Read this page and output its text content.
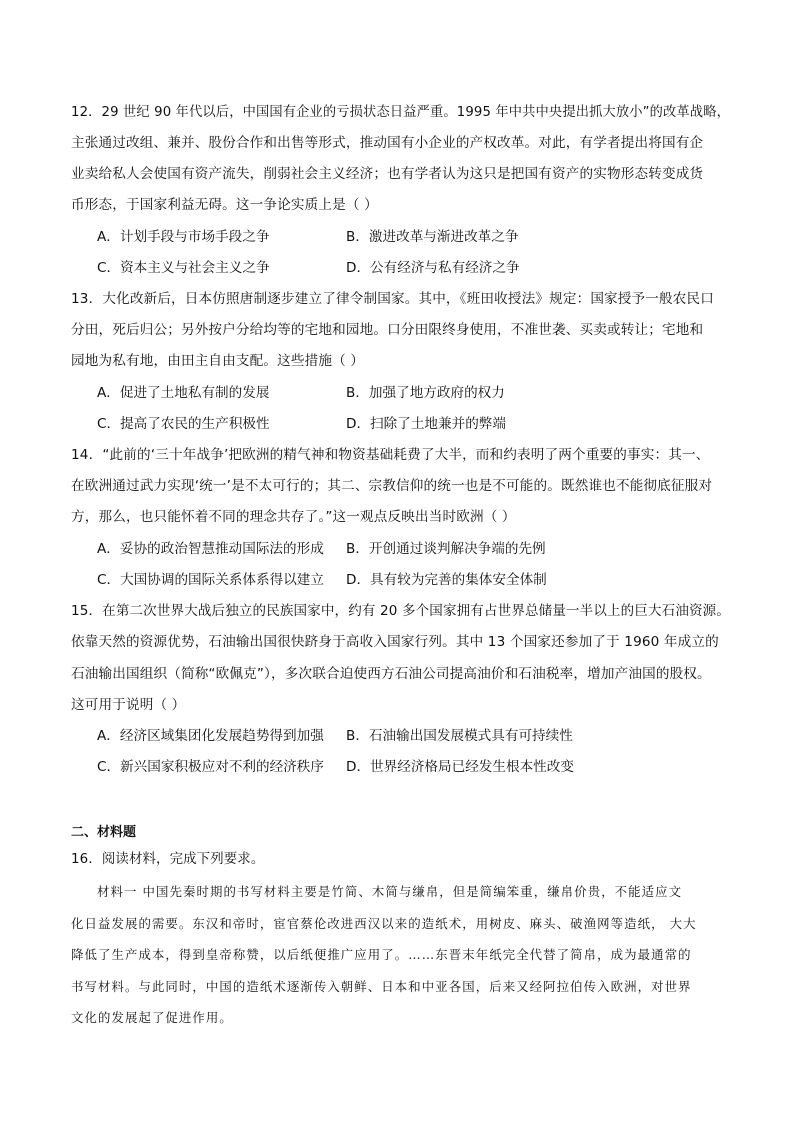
12．29 世纪 90 年代以后，中国国有企业的亏损状态日益严重。1995 年中共中央提出抓大放小”的改革战略，
主张通过改组、兼并、股份合作和出售等形式，推动国有小企业的产权改革。对此，有学者提出将国有企
业卖给私人会使国有资产流失，削弱社会主义经济；也有学者认为这只是把国有资产的实物形态转变成货
币形态，于国家利益无碍。这一争论实质上是（ ）
A．计划手段与市场手段之争	B．激进改革与渐进改革之争
C．资本主义与社会主义之争	D．公有经济与私有经济之争
13．大化改新后，日本仿照唐制逐步建立了律令制国家。其中，《班田收授法》规定：国家授予一般农民口
分田，死后归公；另外按户分给均等的宅地和园地。口分田限终身使用，不准世袭、买卖或转让；宅地和
园地为私有地，由田主自由支配。这些措施（ ）
A．促进了土地私有制的发展	B．加强了地方政府的权力
C．提高了农民的生产积极性	D．扫除了土地兼并的弊端
14．“此前的‘三十年战争’把欧洲的精气神和物资基础耗费了大半，而和约表明了两个重要的事实：其一、
在欧洲通过武力实现‘统一’是不太可行的；其二、宗教信仰的统一也是不可能的。既然谁也不能彻底征服对
方，那么，也只能怀着不同的理念共存了。”这一观点反映出当时欧洲（ ）
A．妥协的政治智慧推动国际法的形成 B．开创通过谈判解决争端的先例
C．大国协调的国际关系体系得以建立 D．具有较为完善的集体安全体制
15．在第二次世界大战后独立的民族国家中，约有 20 多个国家拥有占世界总储量一半以上的巨大石油资源。
依靠天然的资源优势，石油输出国很快跻身于高收入国家行列。其中 13 个国家还参加了于 1960 年成立的
石油输出国组织（简称“欧佩克”），多次联合迫使西方石油公司提高油价和石油税率，增加产油国的股权。
这可用于说明（ ）
A．经济区域集团化发展趋势得到加强 B．石油输出国发展模式具有可持续性
C．新兴国家积极应对不利的经济秩序 D．世界经济格局已经发生根本性改变
二、材料题
16．阅读材料，完成下列要求。
材料一 中国先秦时期的书写材料主要是竹简、木简与缣帛，但是简编笨重，缣帛价贵，不能适应文
化日益发展的需要。东汉和帝时，宦官蔡伦改进西汉以来的造纸术，用树皮、麻头、破渔网等造纸， 大大
降低了生产成本，得到皇帝称赞，以后纸便推广应用了。……东晋末年纸完全代替了简帛，成为最通常的
书写材料。与此同时，中国的造纸术逐渐传入朝鲜、日本和中亚各国，后来又经阿拉伯传入欧洲，对世界
文化的发展起了促进作用。
